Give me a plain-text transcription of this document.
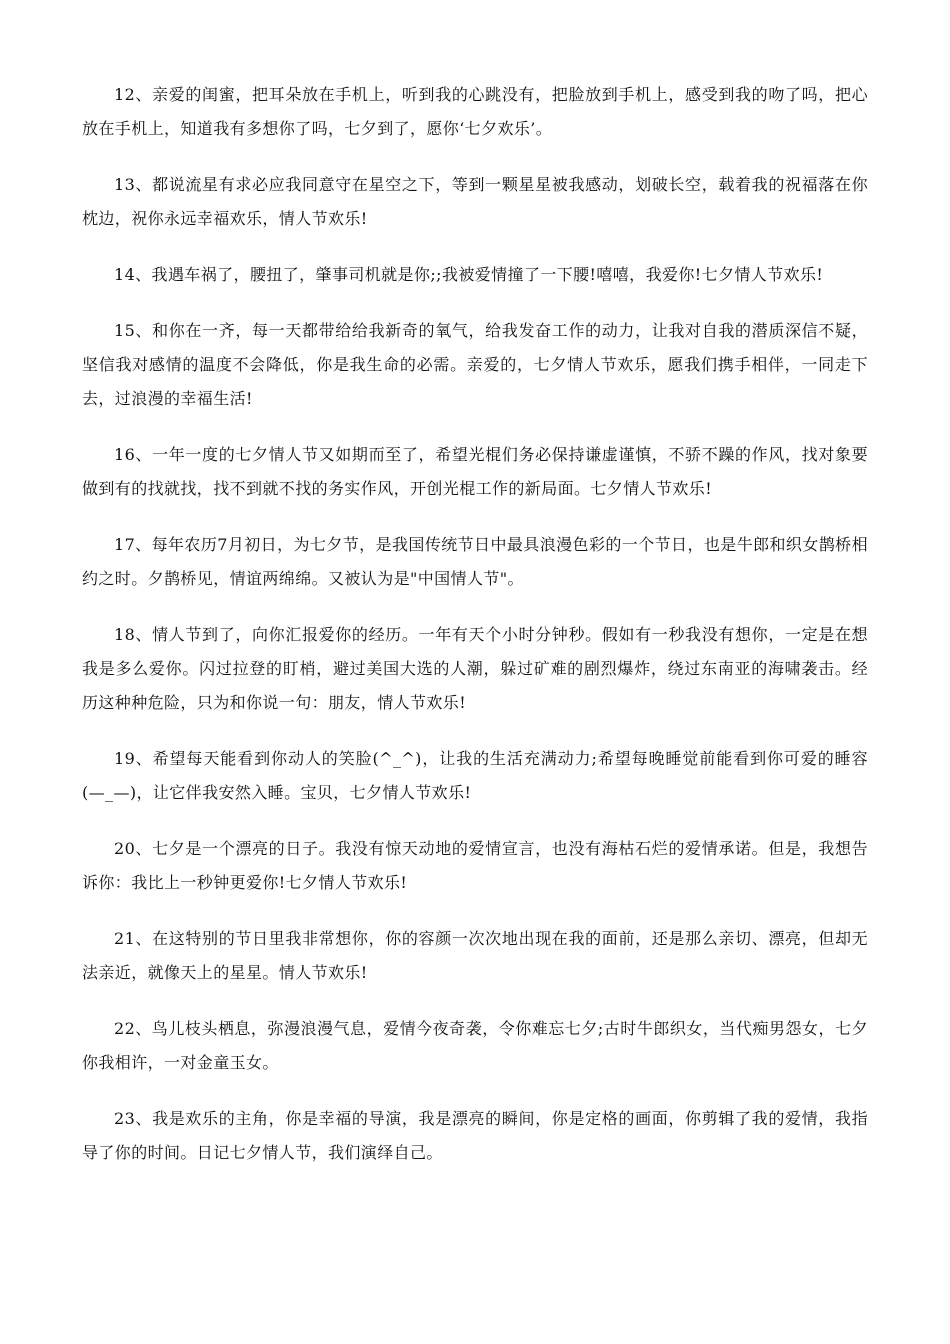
12、亲爱的闺蜜，把耳朵放在手机上，听到我的心跳没有，把脸放到手机上，感受到我的吻了吗，把心放在手机上，知道我有多想你了吗，七夕到了，愿你‘七夕欢乐’。

13、都说流星有求必应我同意守在星空之下，等到一颗星星被我感动，划破长空，载着我的祝福落在你枕边，祝你永远幸福欢乐，情人节欢乐!

14、我遇车祸了，腰扭了，肇事司机就是你;;我被爱情撞了一下腰!嘻嘻，我爱你!七夕情人节欢乐!

15、和你在一齐，每一天都带给给我新奇的氧气，给我发奋工作的动力，让我对自我的潜质深信不疑，坚信我对感情的温度不会降低，你是我生命的必需。亲爱的，七夕情人节欢乐，愿我们携手相伴，一同走下去，过浪漫的幸福生活!

16、一年一度的七夕情人节又如期而至了，希望光棍们务必保持谦虚谨慎，不骄不躁的作风，找对象要做到有的找就找，找不到就不找的务实作风，开创光棍工作的新局面。七夕情人节欢乐!

17、每年农历7月初日，为七夕节，是我国传统节日中最具浪漫色彩的一个节日，也是牛郎和织女鹊桥相约之时。夕鹊桥见，情谊两绵绵。又被认为是"中国情人节"。

18、情人节到了，向你汇报爱你的经历。一年有天个小时分钟秒。假如有一秒我没有想你，一定是在想我是多么爱你。闪过拉登的盯梢，避过美国大选的人潮，躲过矿难的剧烈爆炸，绕过东南亚的海啸袭击。经历这种种危险，只为和你说一句：朋友，情人节欢乐!

19、希望每天能看到你动人的笑脸(^_^)，让我的生活充满动力;希望每晚睡觉前能看到你可爱的睡容(—_—)，让它伴我安然入睡。宝贝，七夕情人节欢乐!

20、七夕是一个漂亮的日子。我没有惊天动地的爱情宣言，也没有海枯石烂的爱情承诺。但是，我想告诉你：我比上一秒钟更爱你!七夕情人节欢乐!

21、在这特别的节日里我非常想你，你的容颜一次次地出现在我的面前，还是那么亲切、漂亮，但却无法亲近，就像天上的星星。情人节欢乐!

22、鸟儿枝头栖息，弥漫浪漫气息，爱情今夜奇袭，令你难忘七夕;古时牛郎织女，当代痴男怨女，七夕你我相许，一对金童玉女。

23、我是欢乐的主角，你是幸福的导演，我是漂亮的瞬间，你是定格的画面，你剪辑了我的爱情，我指导了你的时间。日记七夕情人节，我们演绎自己。
